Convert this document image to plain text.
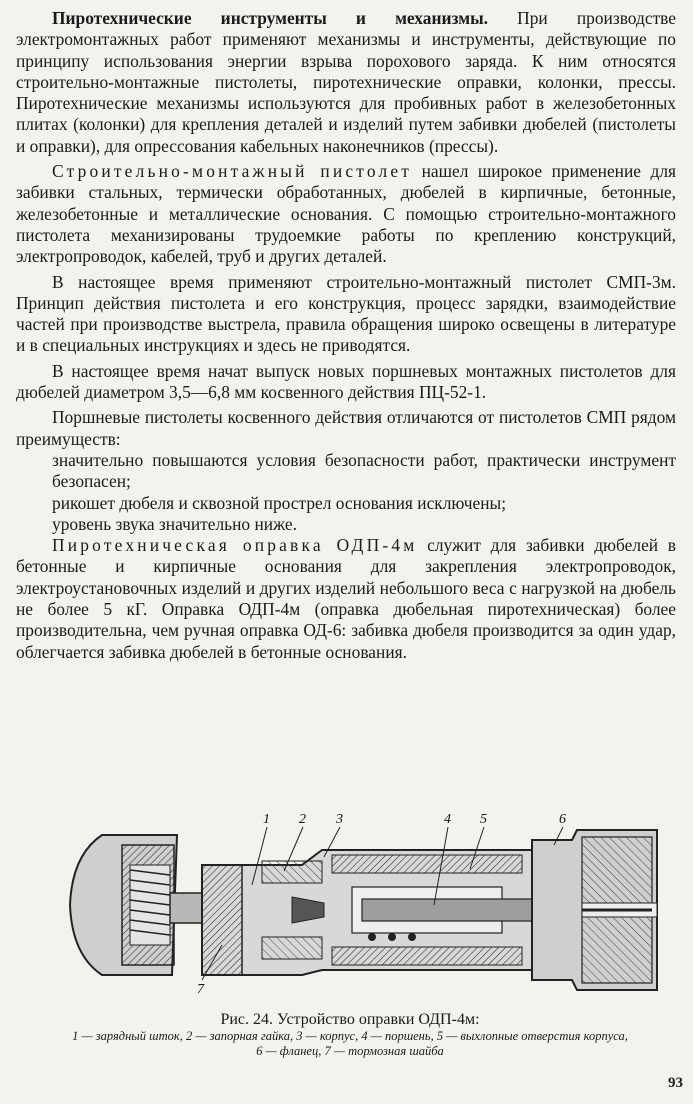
Пиротехнические инструменты и механизмы. При производстве электромонтажных работ применяют механизмы и инструменты, действующие по принципу использования энергии взрыва порохового заряда. К ним относятся строительно-монтажные пистолеты, пиротехнические оправки, колонки, прессы. Пиротехнические механизмы используются для пробивных работ в железобетонных плитах (колонки) для крепления деталей и изделий путем забивки дюбелей (пистолеты и оправки), для опрессования кабельных наконечников (прессы).

Строительно-монтажный пистолет нашел широкое применение для забивки стальных, термически обработанных, дюбелей в кирпичные, бетонные, железобетонные и металлические основания. С помощью строительно-монтажного пистолета механизированы трудоемкие работы по креплению конструкций, электропроводок, кабелей, труб и других деталей.

В настоящее время применяют строительно-монтажный пистолет СМП-3м. Принцип действия пистолета и его конструкция, процесс зарядки, взаимодействие частей при производстве выстрела, правила обращения широко освещены в литературе и в специальных инструкциях и здесь не приводятся.

В настоящее время начат выпуск новых поршневых монтажных пистолетов для дюбелей диаметром 3,5—6,8 мм косвенного действия ПЦ-52-1.

Поршневые пистолеты косвенного действия отличаются от пистолетов СМП рядом преимуществ:

значительно повышаются условия безопасности работ, практически инструмент безопасен;

рикошет дюбеля и сквозной прострел основания исключены;

уровень звука значительно ниже.

Пиротехническая оправка ОДП-4м служит для забивки дюбелей в бетонные и кирпичные основания для закрепления электропроводок, электроустановочных изделий и других изделий небольшого веса с нагрузкой на дюбель не более 5 кГ. Оправка ОДП-4м (оправка дюбельная пиротехническая) более производительна, чем ручная оправка ОД-6: забивка дюбеля производится за один удар, облегчается забивка дюбелей в бетонные основания.

1 2 3	4 5	6
7
Рис. 24. Устройство оправки ОДП-4м:
1 — зарядный шток, 2 — запорная гайка, 3 — корпус, 4 — поршень, 5 — выхлопные отверстия корпуса, 6 — фланец, 7 — тормозная шайба
93
